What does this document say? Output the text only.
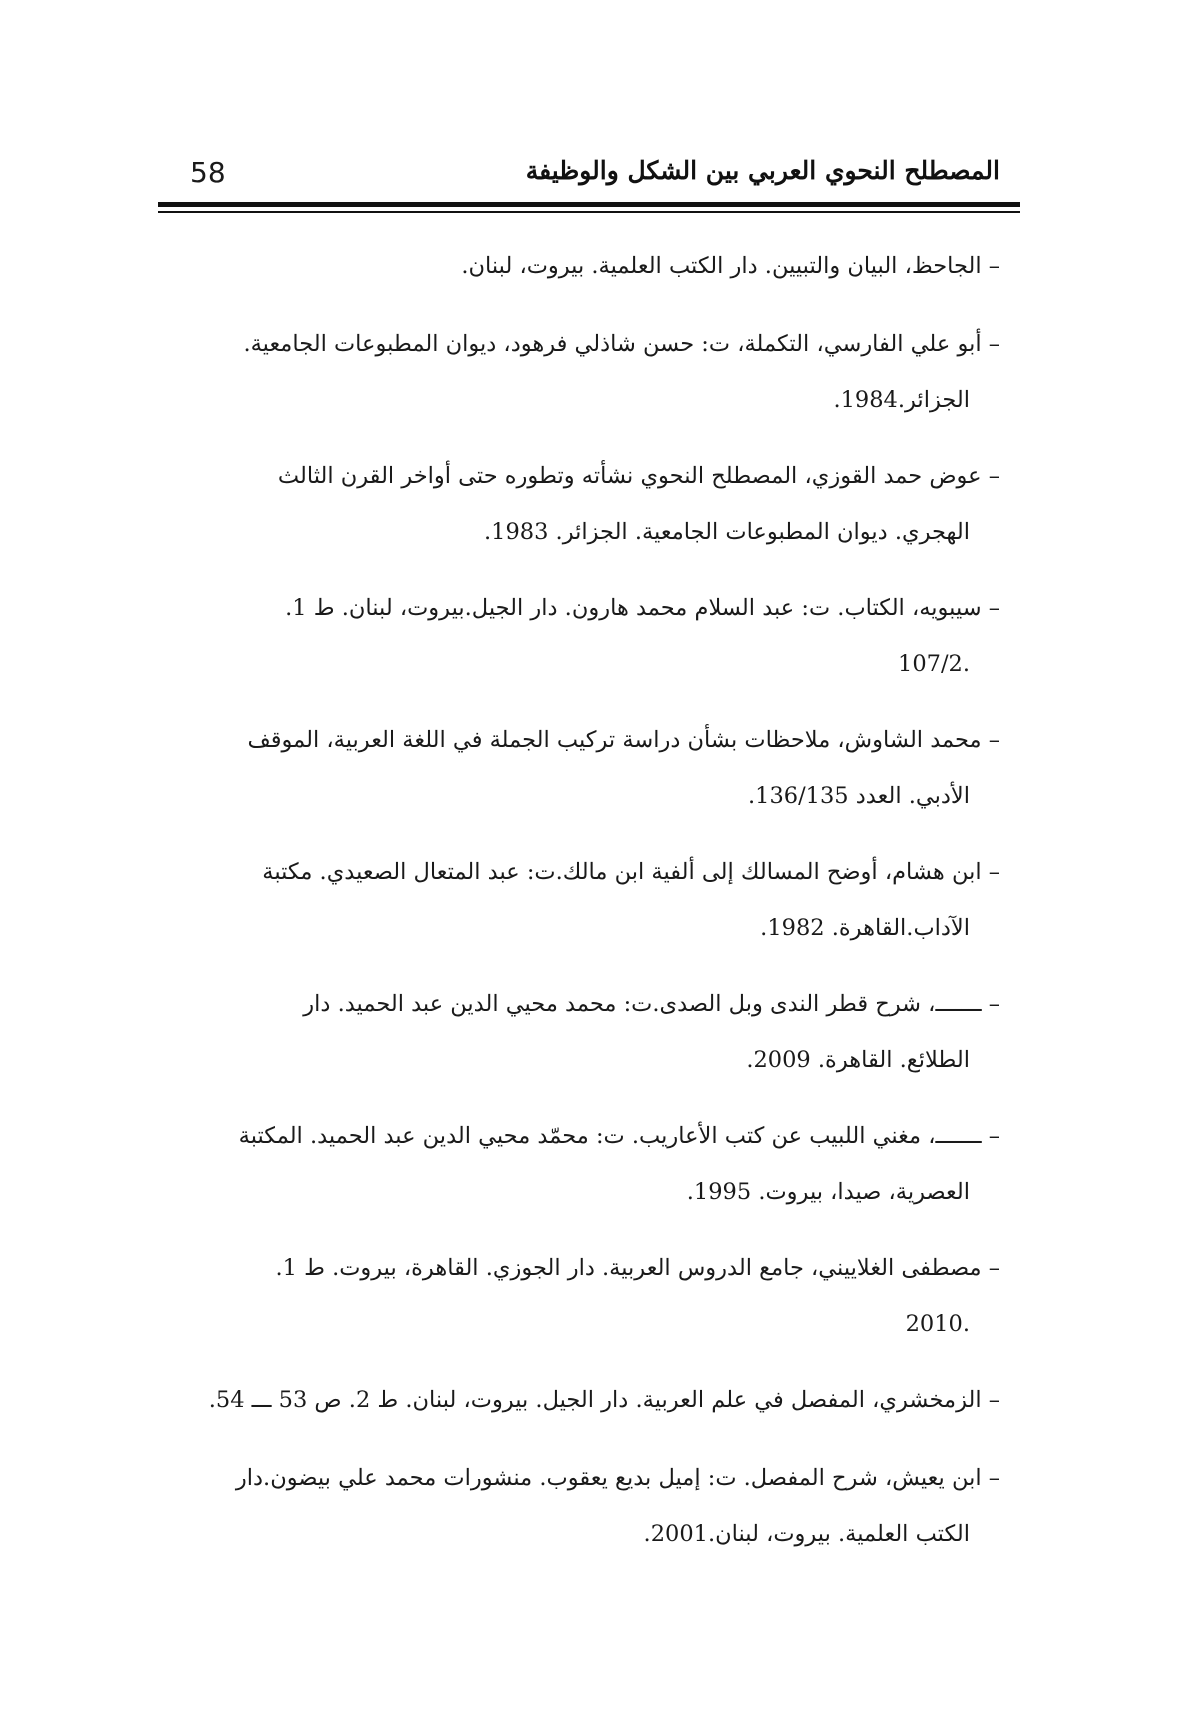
58	المصطلح النحوي العربي بين الشكل والوظيفة
– الجاحظ، البيان والتبيين. دار الكتب العلمية. بيروت، لبنان.
– أبو علي الفارسي، التكملة، ت: حسن شاذلي فرهود، ديوان المطبوعات الجامعية.
الجزائر.1984.
– عوض حمد القوزي، المصطلح النحوي نشأته وتطوره حتى أواخر القرن الثالث
الهجري. ديوان المطبوعات الجامعية. الجزائر. 1983.
– سيبويه، الكتاب. ت: عبد السلام محمد هارون. دار الجيل.بيروت، لبنان. ط 1.
.107/2
– محمد الشاوش، ملاحظات بشأن دراسة تركيب الجملة في اللغة العربية، الموقف
الأدبي. العدد 136/135.
– ابن هشام، أوضح المسالك إلى ألفية ابن مالك.ت: عبد المتعال الصعيدي. مكتبة
الآداب.القاهرة. 1982.
– ـــــــ، شرح قطر الندى وبل الصدى.ت: محمد محيي الدين عبد الحميد. دار
الطلائع. القاهرة. 2009.
– ـــــــ، مغني اللبيب عن كتب الأعاريب. ت: محمّد محيي الدين عبد الحميد. المكتبة
العصرية، صيدا، بيروت. 1995.
– مصطفى الغلاييني، جامع الدروس العربية. دار الجوزي. القاهرة، بيروت. ط 1.
.2010
– الزمخشري، المفصل في علم العربية. دار الجيل. بيروت، لبنان. ط 2. ص 53 ـــ 54.
– ابن يعيش، شرح المفصل. ت: إميل بديع يعقوب. منشورات محمد علي بيضون.دار
الكتب العلمية. بيروت، لبنان.2001.
